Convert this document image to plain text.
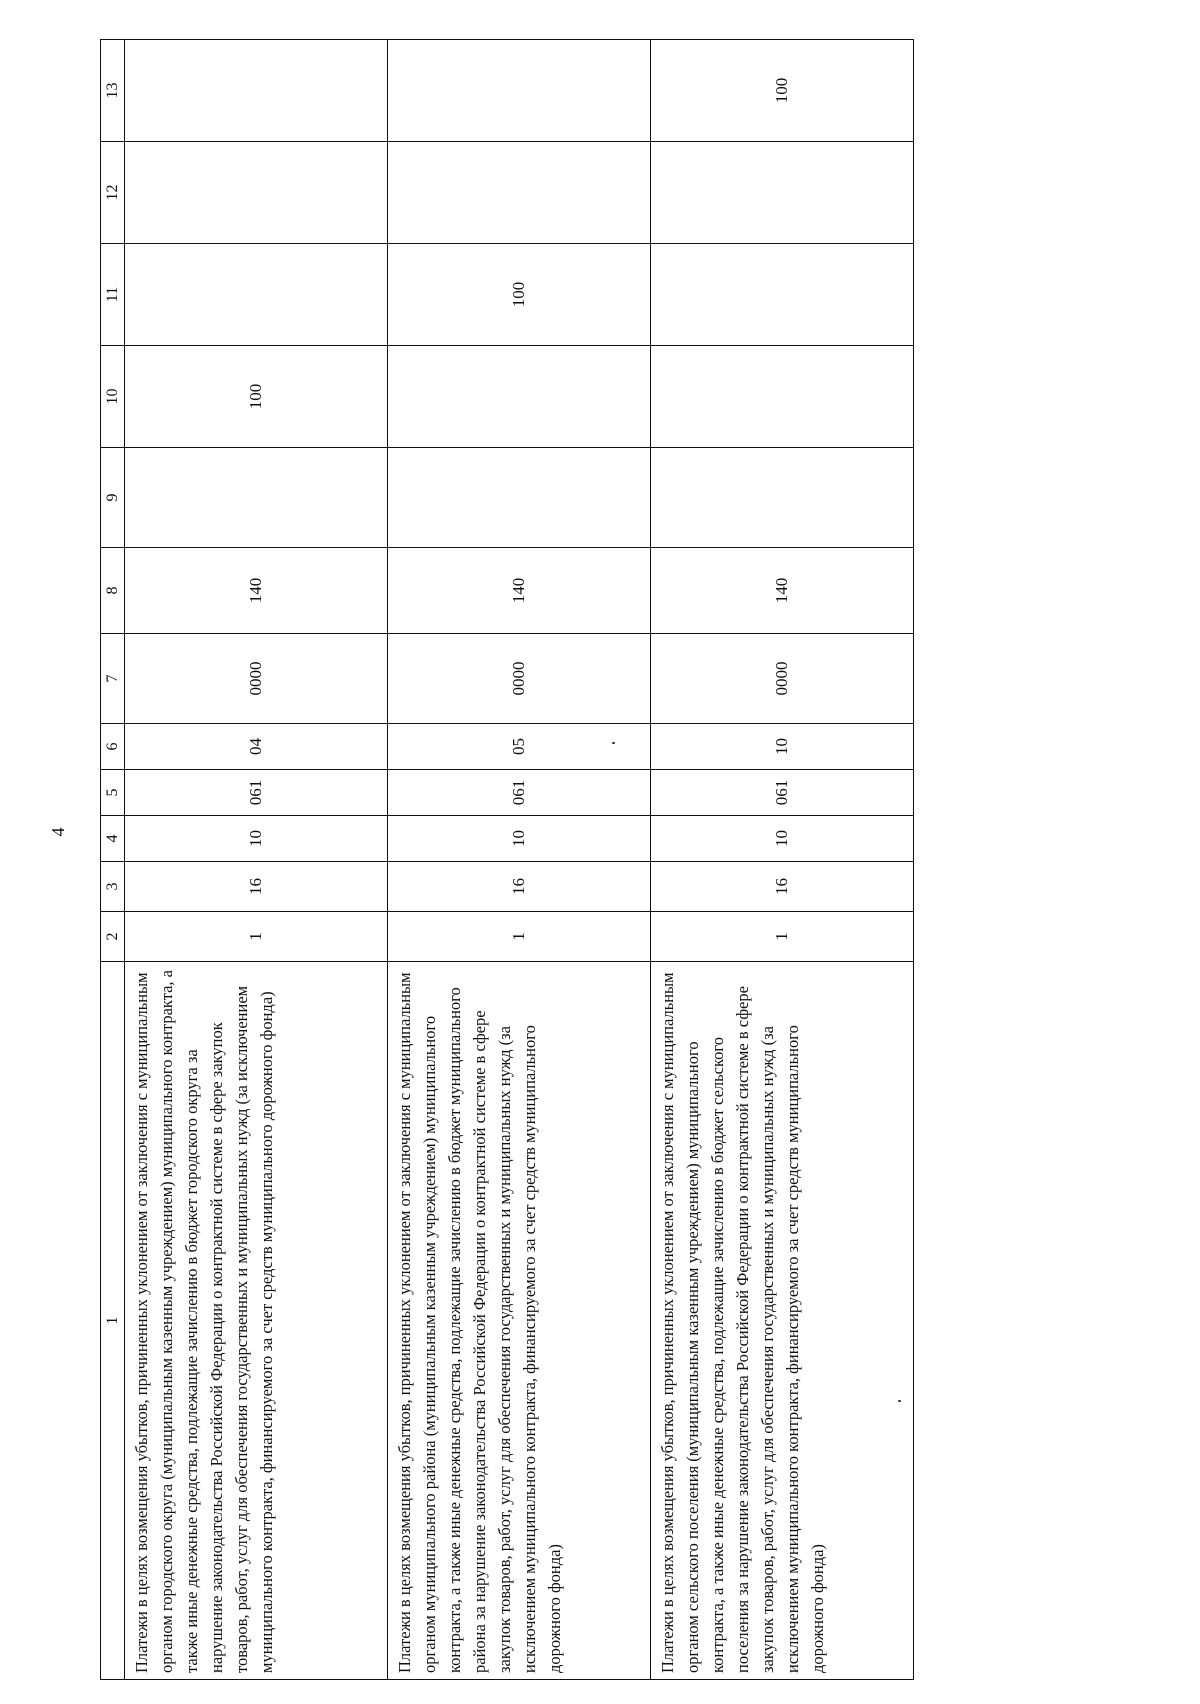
4
1	2	3	4	5	6	7	8	9	10	11	12	13
Платежи в целях возмещения убытков, причиненных уклонением от заключения с муниципальным органом городского округа (муниципальным казенным учреждением) муниципального контракта, а также иные денежные средства, подлежащие зачислению в бюджет городского округа за нарушение законодательства Российской Федерации о контрактной системе в сфере закупок товаров, работ, услуг для обеспечения государственных и муниципальных нужд (за исключением муниципального контракта, финансируемого за счет средств муниципального дорожного фонда)	1	16	10	061	04	0000	140		100			
Платежи в целях возмещения убытков, причиненных уклонением от заключения с муниципальным органом муниципального района (муниципальным казенным учреждением) муниципального контракта, а также иные денежные средства, подлежащие зачислению в бюджет муниципального района за нарушение законодательства Российской Федерации о контрактной системе в сфере закупок товаров, работ, услуг для обеспечения государственных и муниципальных нужд (за исключением муниципального контракта, финансируемого за счет средств муниципального дорожного фонда)	1	16	10	061	05	0000	140			100		
Платежи в целях возмещения убытков, причиненных уклонением от заключения с муниципальным органом сельского поселения (муниципальным казенным учреждением) муниципального контракта, а также иные денежные средства, подлежащие зачислению в бюджет сельского поселения за нарушение законодательства Российской Федерации о контрактной системе в сфере закупок товаров, работ, услуг для обеспечения государственных и муниципальных нужд (за исключением муниципального контракта, финансируемого за счет средств муниципального дорожного фонда)	1	16	10	061	10	0000	140					100
